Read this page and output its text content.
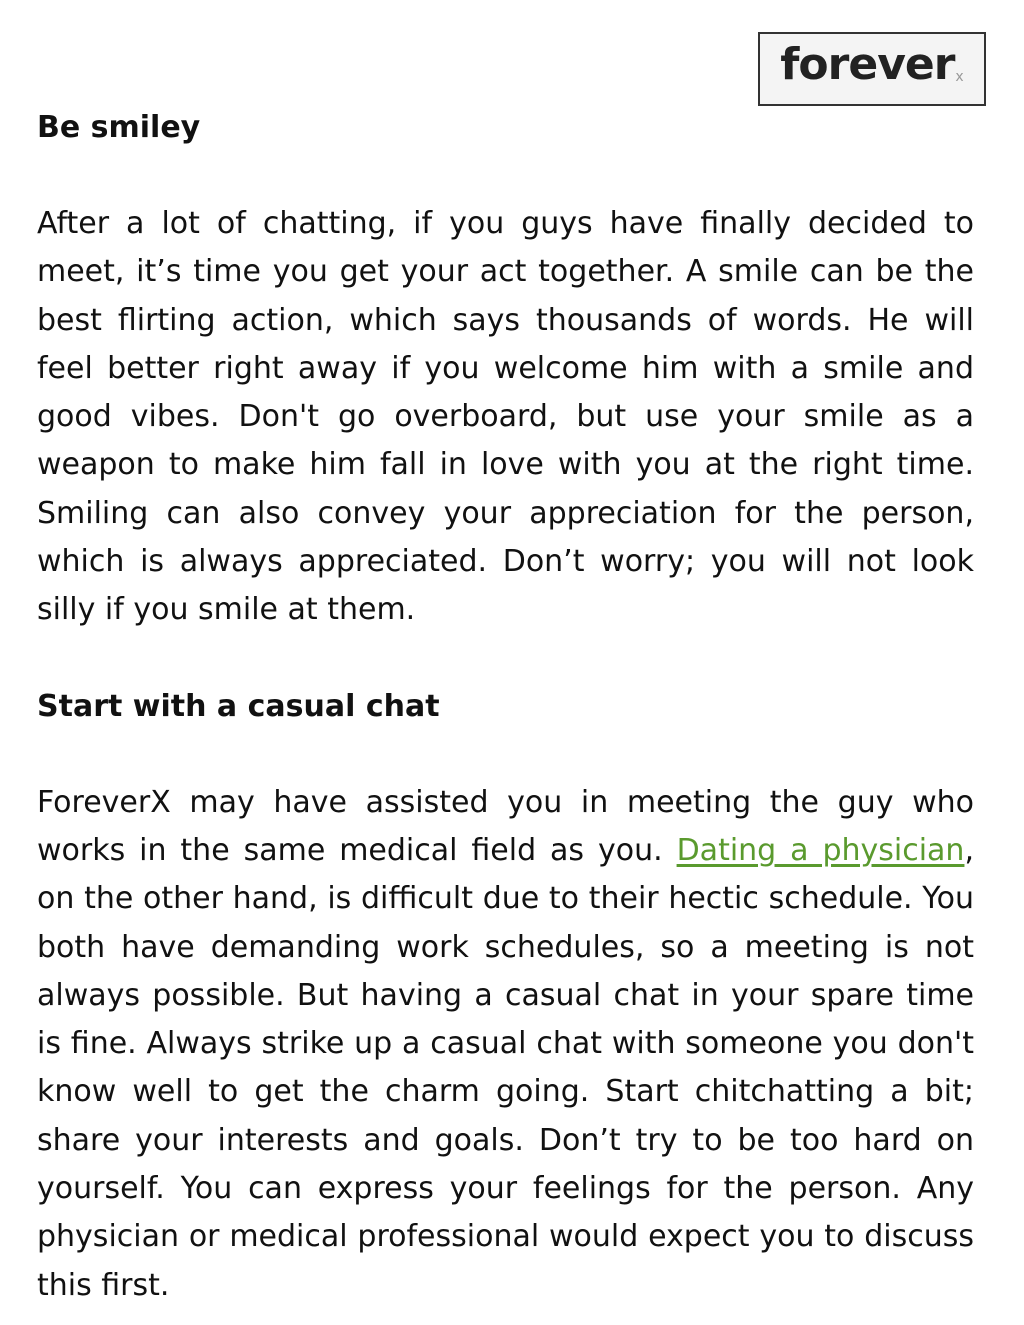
forever x
Be smiley

After a lot of chatting, if you guys have finally decided to meet, it’s time you get your act together. A smile can be the best flirting action, which says thousands of words. He will feel better right away if you welcome him with a smile and good vibes. Don't go overboard, but use your smile as a weapon to make him fall in love with you at the right time. Smiling can also convey your appreciation for the person, which is always appreciated. Don’t worry; you will not look silly if you smile at them.

Start with a casual chat

ForeverX may have assisted you in meeting the guy who works in the same medical field as you. Dating a physician, on the other hand, is difficult due to their hectic schedule. You both have demanding work schedules, so a meeting is not always possible. But having a casual chat in your spare time is fine. Always strike up a casual chat with someone you don't know well to get the charm going. Start chitchatting a bit; share your interests and goals. Don’t try to be too hard on yourself. You can express your feelings for the person. Any physician or medical professional would expect you to discuss this first.
